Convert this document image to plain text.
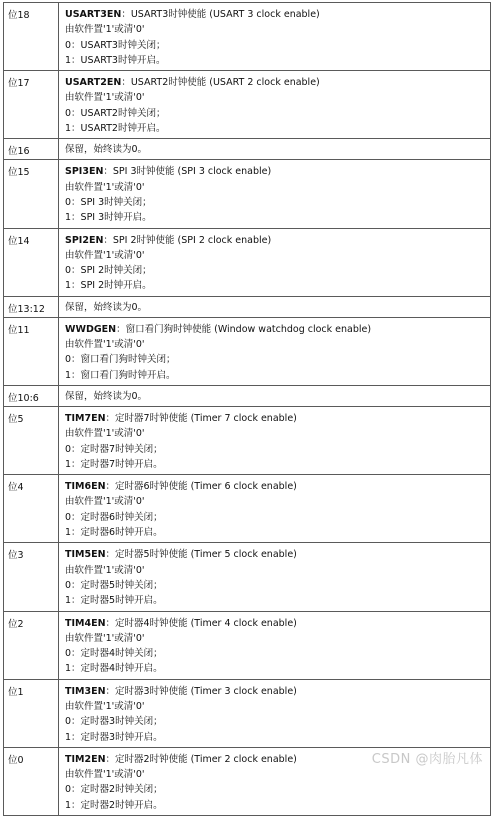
位18	USART3EN：USART3时钟使能 (USART 3 clock enable)
由软件置'1'或清'0'
0：USART3时钟关闭；
1：USART3时钟开启。

位17	USART2EN：USART2时钟使能 (USART 2 clock enable)
由软件置'1'或清'0'
0：USART2时钟关闭；
1：USART2时钟开启。

位16	保留，始终读为0。

位15	SPI3EN：SPI 3时钟使能 (SPI 3 clock enable)
由软件置'1'或清'0'
0：SPI 3时钟关闭；
1：SPI 3时钟开启。

位14	SPI2EN：SPI 2时钟使能 (SPI 2 clock enable)
由软件置'1'或清'0'
0：SPI 2时钟关闭；
1：SPI 2时钟开启。

位13:12	保留，始终读为0。

位11	WWDGEN：窗口看门狗时钟使能 (Window watchdog clock enable)
由软件置'1'或清'0'
0：窗口看门狗时钟关闭；
1：窗口看门狗时钟开启。

位10:6	保留，始终读为0。

位5	TIM7EN：定时器7时钟使能 (Timer 7 clock enable)
由软件置'1'或清'0'
0：定时器7时钟关闭；
1：定时器7时钟开启。

位4	TIM6EN：定时器6时钟使能 (Timer 6 clock enable)
由软件置'1'或清'0'
0：定时器6时钟关闭；
1：定时器6时钟开启。

位3	TIM5EN：定时器5时钟使能 (Timer 5 clock enable)
由软件置'1'或清'0'
0：定时器5时钟关闭；
1：定时器5时钟开启。

位2	TIM4EN：定时器4时钟使能 (Timer 4 clock enable)
由软件置'1'或清'0'
0：定时器4时钟关闭；
1：定时器4时钟开启。

位1	TIM3EN：定时器3时钟使能 (Timer 3 clock enable)
由软件置'1'或清'0'
0：定时器3时钟关闭；
1：定时器3时钟开启。

位0	TIM2EN：定时器2时钟使能 (Timer 2 clock enable)
由软件置'1'或清'0'
0：定时器2时钟关闭；
1：定时器2时钟开启。
CSDN @肉胎凡体
